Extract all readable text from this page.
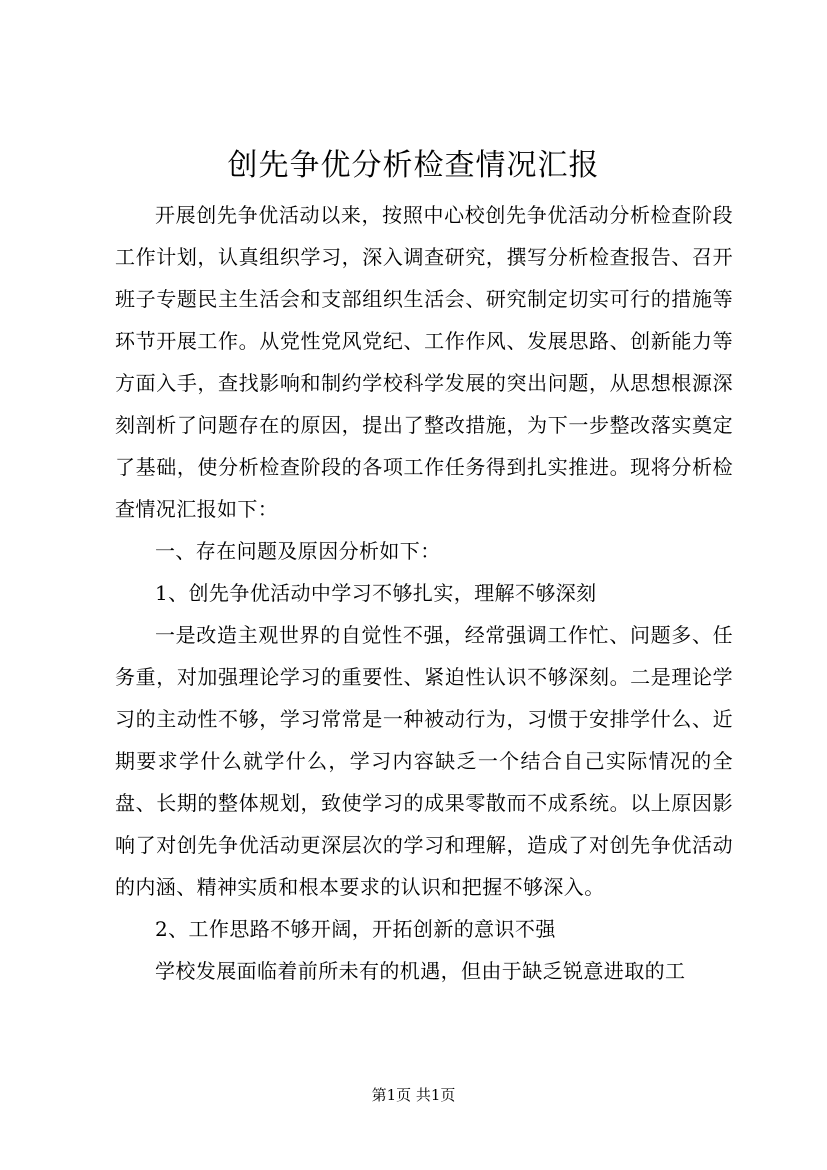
创先争优分析检查情况汇报

开展创先争优活动以来，按照中心校创先争优活动分析检查阶段工作计划，认真组织学习，深入调查研究，撰写分析检查报告、召开班子专题民主生活会和支部组织生活会、研究制定切实可行的措施等环节开展工作。从党性党风党纪、工作作风、发展思路、创新能力等方面入手，查找影响和制约学校科学发展的突出问题，从思想根源深刻剖析了问题存在的原因，提出了整改措施，为下一步整改落实奠定了基础，使分析检查阶段的各项工作任务得到扎实推进。现将分析检查情况汇报如下：

一、存在问题及原因分析如下：

1、创先争优活动中学习不够扎实，理解不够深刻

一是改造主观世界的自觉性不强，经常强调工作忙、问题多、任务重，对加强理论学习的重要性、紧迫性认识不够深刻。二是理论学习的主动性不够，学习常常是一种被动行为，习惯于安排学什么、近期要求学什么就学什么，学习内容缺乏一个结合自己实际情况的全盘、长期的整体规划，致使学习的成果零散而不成系统。以上原因影响了对创先争优活动更深层次的学习和理解，造成了对创先争优活动的内涵、精神实质和根本要求的认识和把握不够深入。

2、工作思路不够开阔，开拓创新的意识不强

学校发展面临着前所未有的机遇，但由于缺乏锐意进取的工

第1页 共1页
